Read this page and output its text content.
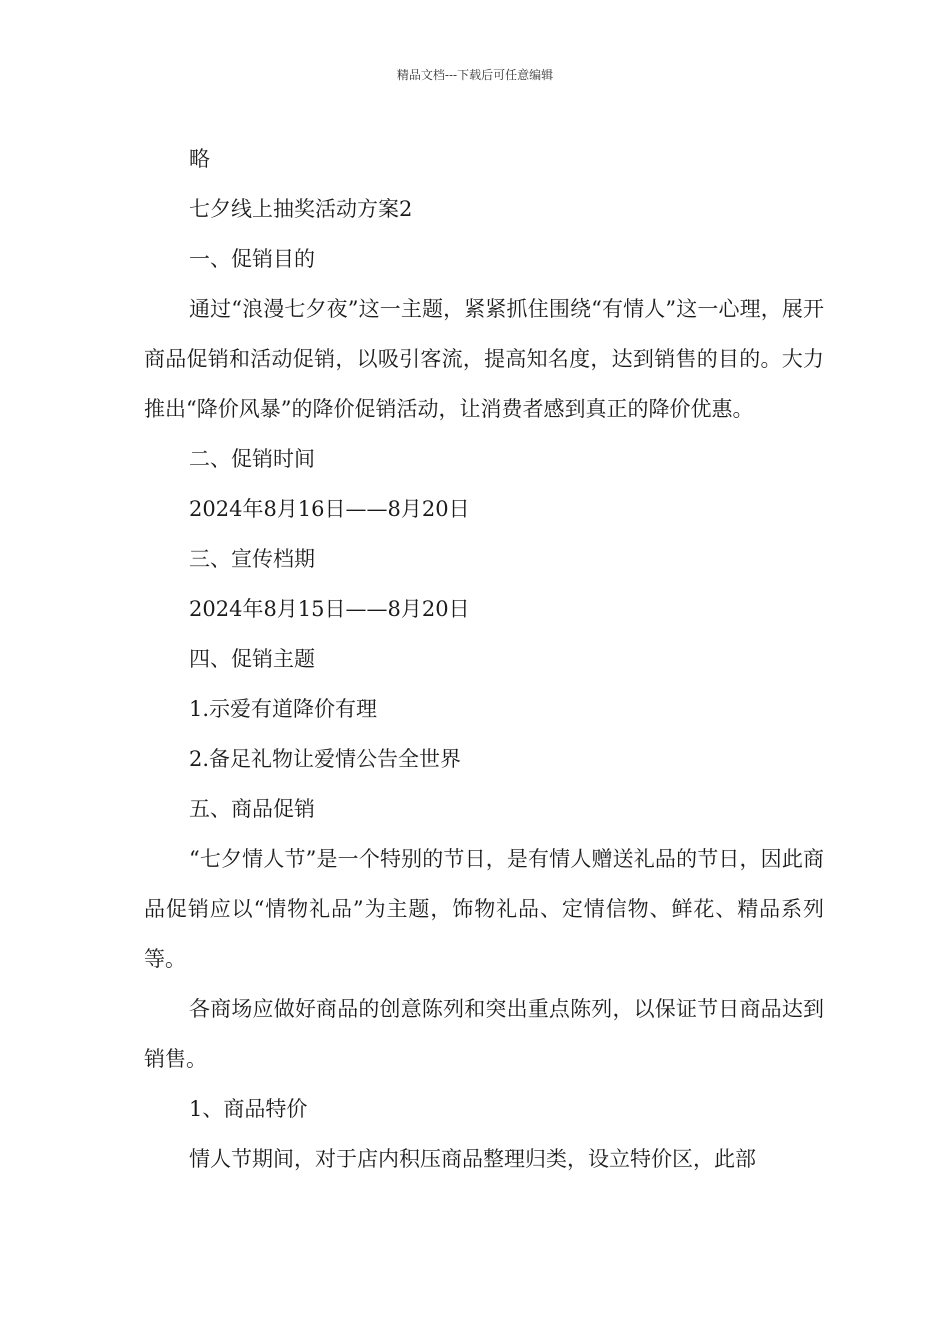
精品文档---下载后可任意编辑

略

七夕线上抽奖活动方案2

一、促销目的

通过“浪漫七夕夜”这一主题，紧紧抓住围绕“有情人”这一心理，展开商品促销和活动促销，以吸引客流，提高知名度，达到销售的目的。大力推出“降价风暴”的降价促销活动，让消费者感到真正的降价优惠。

二、促销时间

2024年8月16日——8月20日

三、宣传档期

2024年8月15日——8月20日

四、促销主题

1.示爱有道降价有理

2.备足礼物让爱情公告全世界

五、商品促销

“七夕情人节”是一个特别的节日，是有情人赠送礼品的节日，因此商品促销应以“情物礼品”为主题，饰物礼品、定情信物、鲜花、精品系列等。

各商场应做好商品的创意陈列和突出重点陈列，以保证节日商品达到销售。

1、商品特价

情人节期间，对于店内积压商品整理归类，设立特价区，此部
